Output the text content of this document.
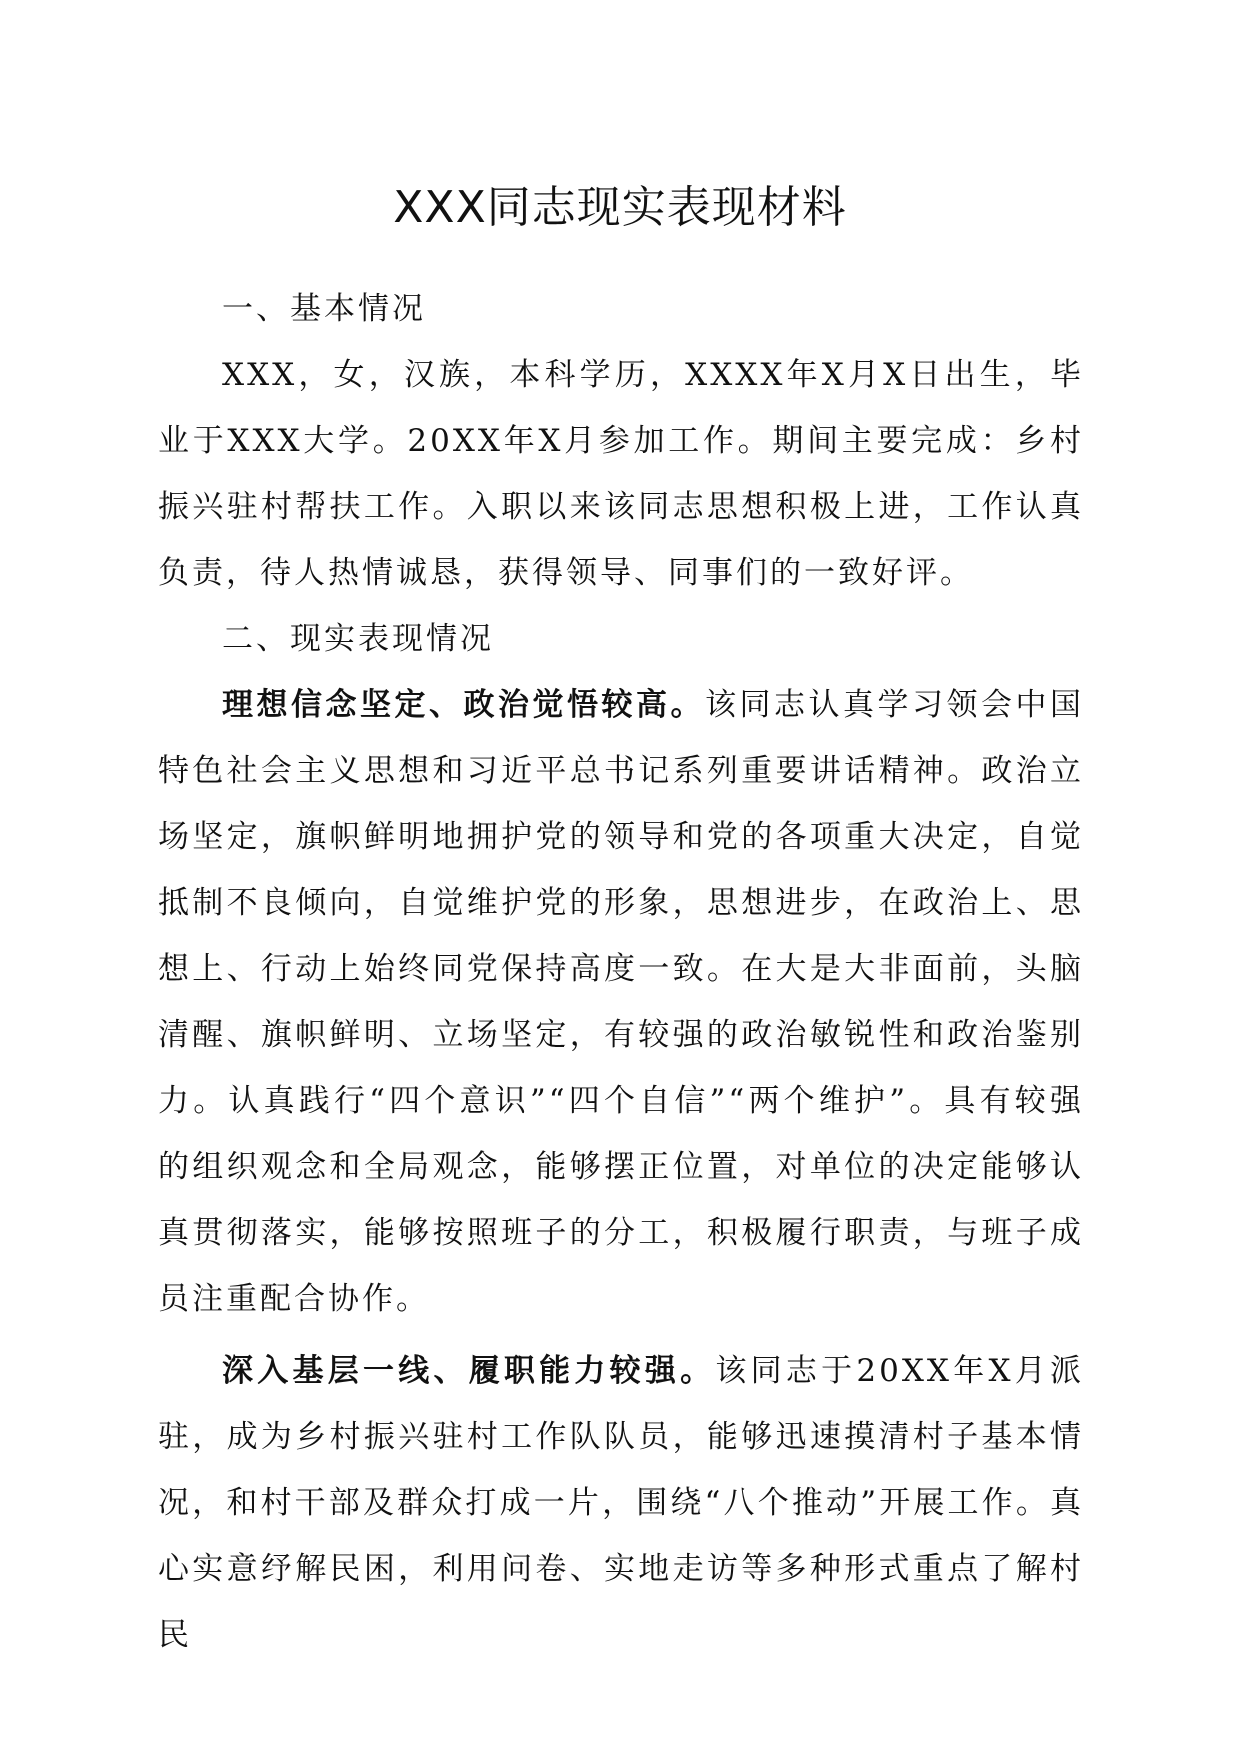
XXX同志现实表现材料
一、基本情况

XXX，女，汉族，本科学历，XXXX年X月X日出生，毕业于XXX大学。20XX年X月参加工作。期间主要完成：乡村振兴驻村帮扶工作。入职以来该同志思想积极上进，工作认真负责，待人热情诚恳，获得领导、同事们的一致好评。

二、现实表现情况

理想信念坚定、政治觉悟较高。该同志认真学习领会中国特色社会主义思想和习近平总书记系列重要讲话精神。政治立场坚定，旗帜鲜明地拥护党的领导和党的各项重大决定，自觉抵制不良倾向，自觉维护党的形象，思想进步，在政治上、思想上、行动上始终同党保持高度一致。在大是大非面前，头脑清醒、旗帜鲜明、立场坚定，有较强的政治敏锐性和政治鉴别力。认真践行“四个意识”“四个自信”“两个维护”。具有较强的组织观念和全局观念，能够摆正位置，对单位的决定能够认真贯彻落实，能够按照班子的分工，积极履行职责，与班子成员注重配合协作。

深入基层一线、履职能力较强。该同志于20XX年X月派驻，成为乡村振兴驻村工作队队员，能够迅速摸清村子基本情况，和村干部及群众打成一片，围绕“八个推动”开展工作。真心实意纾解民困，利用问卷、实地走访等多种形式重点了解村民
